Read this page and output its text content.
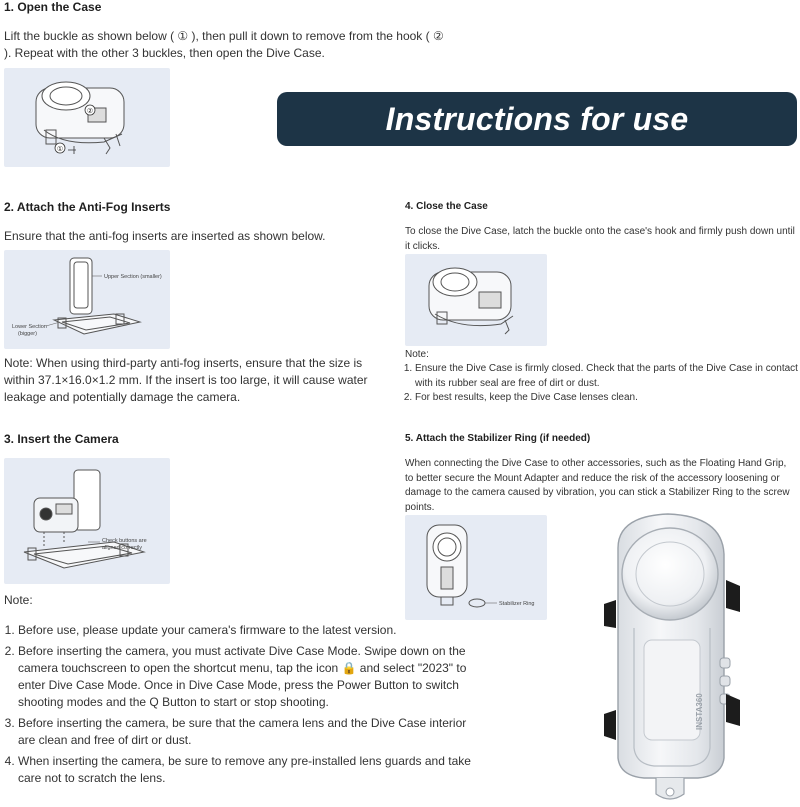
1. Open the Case
Lift the buckle as shown below ( ① ), then pull it down to remove from the hook ( ② ). Repeat with the other 3 buckles, then open the Dive Case.
②
①
Instructions for use
2. Attach the Anti-Fog Inserts
Ensure that the anti-fog inserts are inserted as shown below.
Upper Section (smaller)
Lower Section
(bigger)
Note: When using third-party anti-fog inserts, ensure that the size is within 37.1×16.0×1.2 mm. If the insert is too large, it will cause water leakage and potentially damage the camera.
3. Insert the Camera
Check buttons are
aligned correctly
Note:
1. Before use, please update your camera's firmware to the latest version.
2. Before inserting the camera, you must activate Dive Case Mode. Swipe down on the camera touchscreen to open the shortcut menu, tap the icon 🔒 and select "2023" to enter Dive Case Mode. Once in Dive Case Mode, press the Power Button to switch shooting modes and the Q Button to start or stop shooting.
3. Before inserting the camera, be sure that the camera lens and the Dive Case interior are clean and free of dirt or dust.
4. When inserting the camera, be sure to remove any pre-installed lens guards and take care not to scratch the lens.
4. Close the Case
To close the Dive Case, latch the buckle onto the case's hook and firmly push down until it clicks.
Note:
1. Ensure the Dive Case is firmly closed. Check that the parts of the Dive Case in contact with its rubber seal are free of dirt or dust.
2. For best results, keep the Dive Case lenses clean.
5. Attach the Stabilizer Ring (if needed)
When connecting the Dive Case to other accessories, such as the Floating Hand Grip, to better secure the Mount Adapter and reduce the risk of the accessory loosening or damage to the camera caused by vibration, you can stick a Stabilizer Ring to the screw points.
Stabilizer Ring
INSTA360
